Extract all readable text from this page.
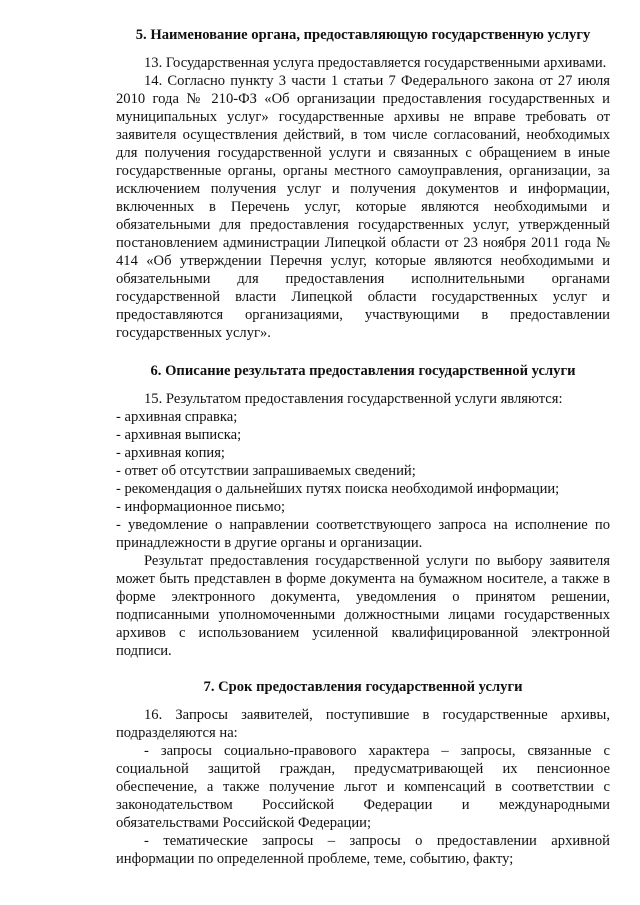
5. Наименование органа, предоставляющую государственную услугу

13. Государственная услуга предоставляется государственными архивами.

14. Согласно пункту 3 части 1 статьи 7 Федерального закона от 27 июля 2010 года № 210-ФЗ «Об организации предоставления государственных и муниципальных услуг» государственные архивы не вправе требовать от заявителя осуществления действий, в том числе согласований, необходимых для получения государственной услуги и связанных с обращением в иные государственные органы, органы местного самоуправления, организации, за исключением получения услуг и получения документов и информации, включенных в Перечень услуг, которые являются необходимыми и обязательными для предоставления государственных услуг, утвержденный постановлением администрации Липецкой области от 23 ноября 2011 года № 414 «Об утверждении Перечня услуг, которые являются необходимыми и обязательными для предоставления исполнительными органами государственной власти Липецкой области государственных услуг и предоставляются организациями, участвующими в предоставлении государственных услуг».

6. Описание результата предоставления государственной услуги

15. Результатом предоставления государственной услуги являются:

- архивная справка;

- архивная выписка;

- архивная копия;

- ответ об отсутствии запрашиваемых сведений;

- рекомендация о дальнейших путях поиска необходимой информации;

- информационное письмо;

- уведомление о направлении соответствующего запроса на исполнение по принадлежности в другие органы и организации.

Результат предоставления государственной услуги по выбору заявителя может быть представлен в форме документа на бумажном носителе, а также в форме электронного документа, уведомления о принятом решении, подписанными уполномоченными должностными лицами государственных архивов с использованием усиленной квалифицированной электронной подписи.

7. Срок предоставления государственной услуги

16. Запросы заявителей, поступившие в государственные архивы, подразделяются на:

- запросы социально-правового характера – запросы, связанные с социальной защитой граждан, предусматривающей их пенсионное обеспечение, а также получение льгот и компенсаций в соответствии с законодательством Российской Федерации и международными обязательствами Российской Федерации;

- тематические запросы – запросы о предоставлении архивной информации по определенной проблеме, теме, событию, факту;
